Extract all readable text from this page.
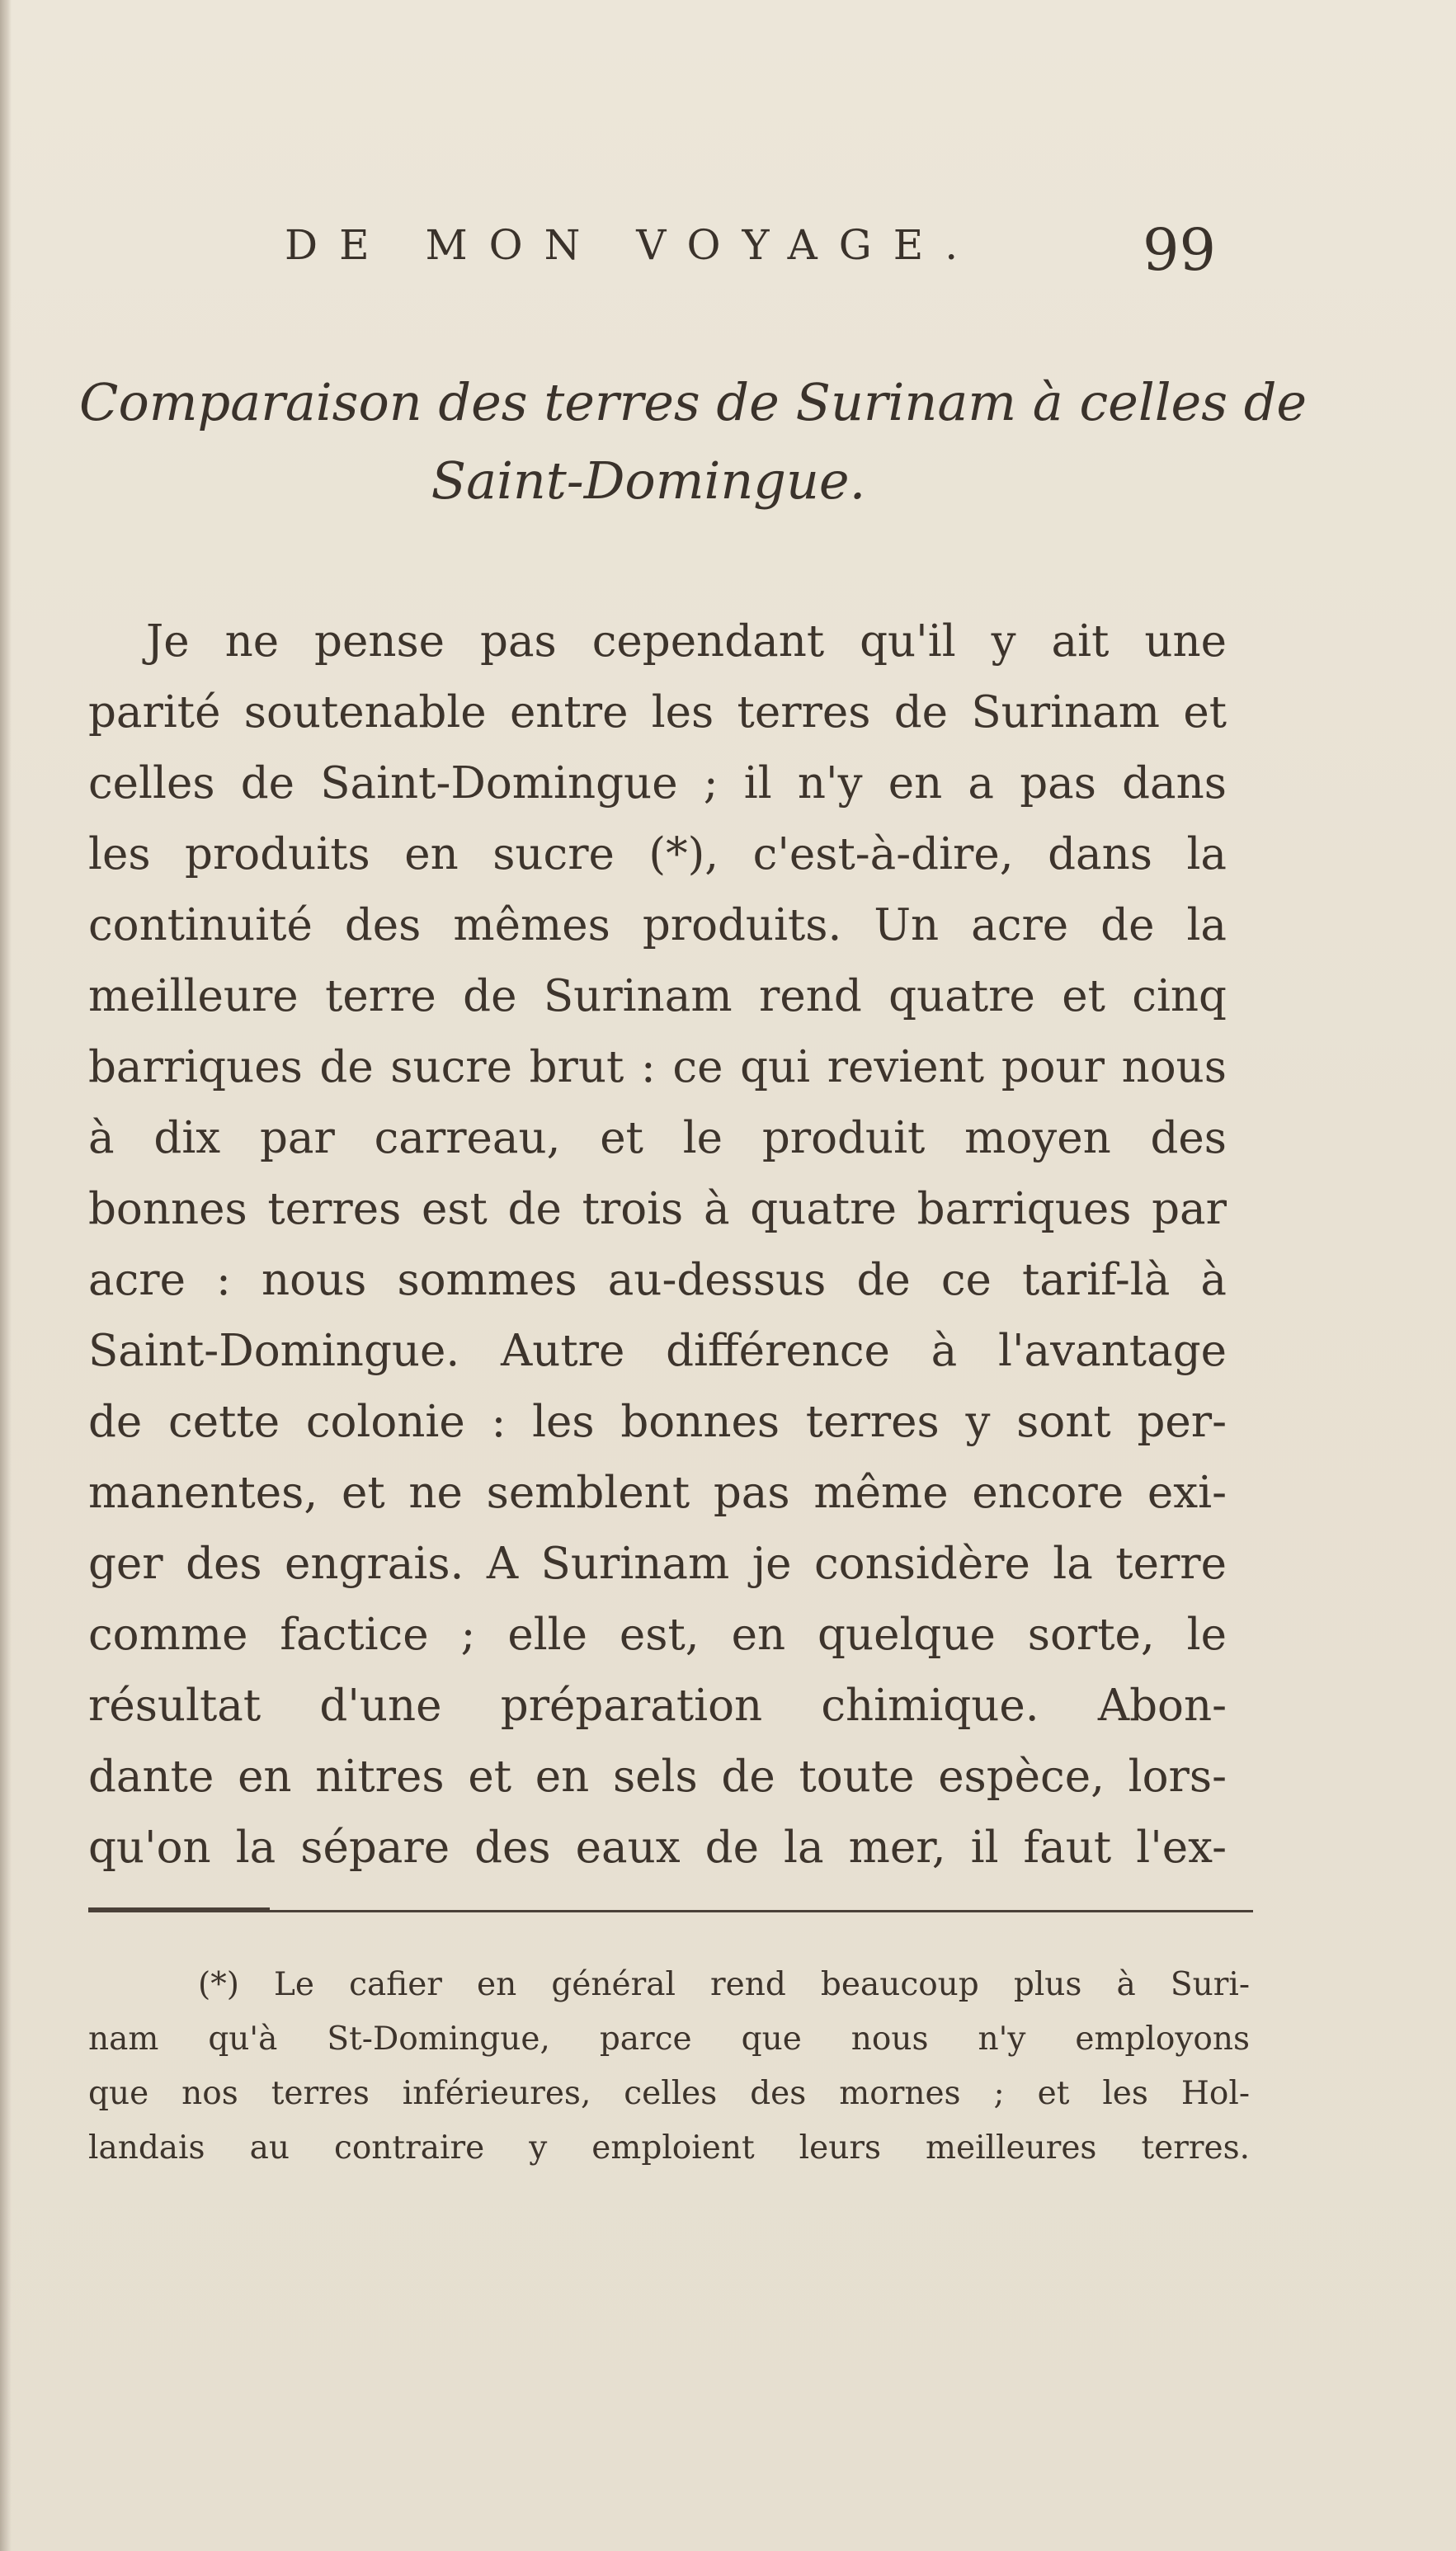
DE MON VOYAGE.	99
Comparaison des terres de Surinam à celles de
Saint-Domingue.
Je ne pense pas cependant qu'il y ait une
parité soutenable entre les terres de Surinam et
celles de Saint-Domingue ; il n'y en a pas dans
les produits en sucre (*), c'est-à-dire, dans la
continuité des mêmes produits. Un acre de la
meilleure terre de Surinam rend quatre et cinq
barriques de sucre brut : ce qui revient pour nous
à dix par carreau, et le produit moyen des
bonnes terres est de trois à quatre barriques par
acre : nous sommes au-dessus de ce tarif-là à
Saint-Domingue. Autre différence à l'avantage
de cette colonie : les bonnes terres y sont per-
manentes, et ne semblent pas même encore exi-
ger des engrais. A Surinam je considère la terre
comme factice ; elle est, en quelque sorte, le
résultat d'une préparation chimique. Abon-
dante en nitres et en sels de toute espèce, lors-
qu'on la sépare des eaux de la mer, il faut l'ex-
(*) Le cafier en général rend beaucoup plus à Suri-
nam qu'à St-Domingue, parce que nous n'y employons
que nos terres inférieures, celles des mornes ; et les Hol-
landais au contraire y emploient leurs meilleures terres.
